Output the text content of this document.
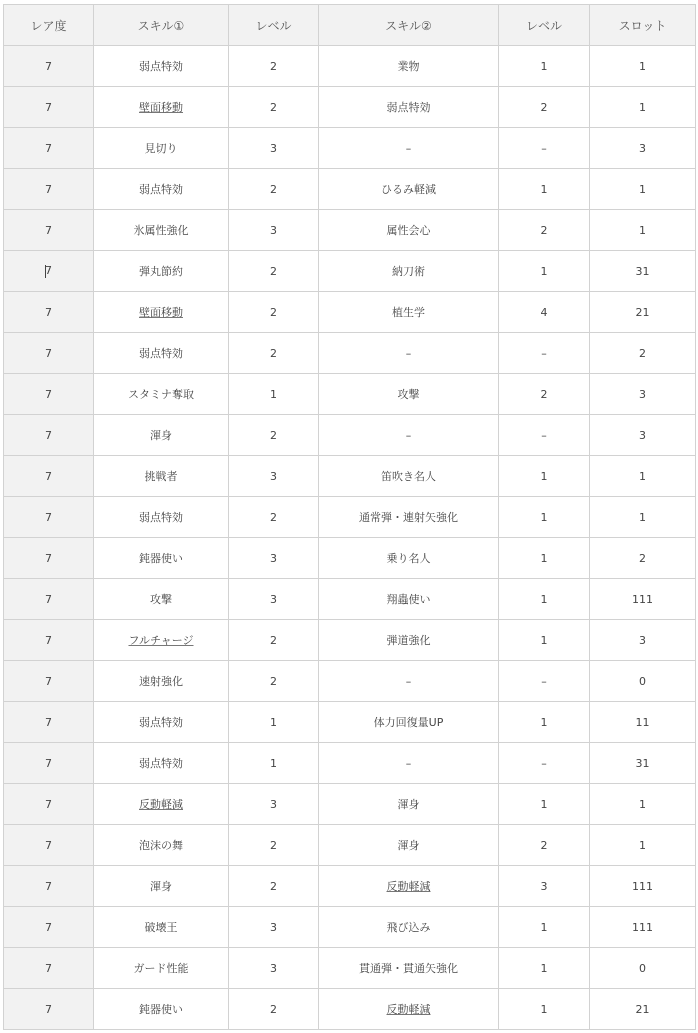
レア度	スキル①	レベル	スキル②	レベル	スロット
7	弱点特効	2	業物	1	1
7	壁面移動	2	弱点特効	2	1
7	見切り	3	–	–	3
7	弱点特効	2	ひるみ軽減	1	1
7	氷属性強化	3	属性会心	2	1
7	弾丸節約	2	納刀術	1	31
7	壁面移動	2	植生学	4	21
7	弱点特効	2	–	–	2
7	スタミナ奪取	1	攻撃	2	3
7	渾身	2	–	–	3
7	挑戦者	3	笛吹き名人	1	1
7	弱点特効	2	通常弾・連射矢強化	1	1
7	鈍器使い	3	乗り名人	1	2
7	攻撃	3	翔蟲使い	1	111
7	フルチャージ	2	弾道強化	1	3
7	速射強化	2	–	–	0
7	弱点特効	1	体力回復量UP	1	11
7	弱点特効	1	–	–	31
7	反動軽減	3	渾身	1	1
7	泡沫の舞	2	渾身	2	1
7	渾身	2	反動軽減	3	111
7	破壊王	3	飛び込み	1	111
7	ガード性能	3	貫通弾・貫通矢強化	1	0
7	鈍器使い	2	反動軽減	1	21
